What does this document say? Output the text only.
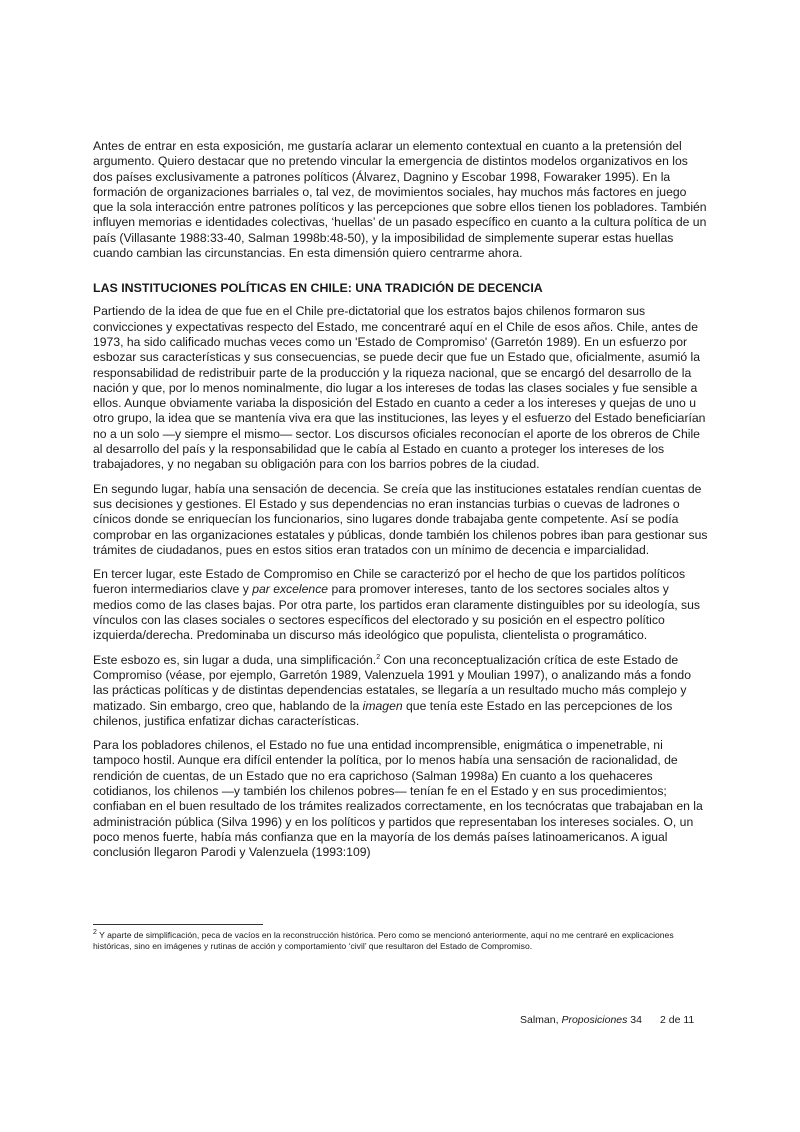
Antes de entrar en esta exposición, me gustaría aclarar un elemento contextual en cuanto a la pretensión del argumento. Quiero destacar que no pretendo vincular la emergencia de distintos modelos organizativos en los dos países exclusivamente a patrones políticos (Álvarez, Dagnino y Escobar 1998, Fowaraker 1995). En la formación de organizaciones barriales o, tal vez, de movimientos sociales, hay muchos más factores en juego que la sola interacción entre patrones políticos y las percepciones que sobre ellos tienen los pobladores. También influyen memorias e identidades colectivas, ‘huellas’ de un pasado específico en cuanto a la cultura política de un país (Villasante 1988:33-40, Salman 1998b:48-50), y la imposibilidad de simplemente superar estas huellas cuando cambian las circunstancias. En esta dimensión quiero centrarme ahora.

LAS INSTITUCIONES POLÍTICAS EN CHILE: UNA TRADICIÓN DE DECENCIA

Partiendo de la idea de que fue en el Chile pre-dictatorial que los estratos bajos chilenos formaron sus convicciones y expectativas respecto del Estado, me concentraré aquí en el Chile de esos años. Chile, antes de 1973, ha sido calificado muchas veces como un 'Estado de Compromiso' (Garretón 1989). En un esfuerzo por esbozar sus características y sus consecuencias, se puede decir que fue un Estado que, oficialmente, asumió la responsabilidad de redistribuir parte de la producción y la riqueza nacional, que se encargó del desarrollo de la nación y que, por lo menos nominalmente, dio lugar a los intereses de todas las clases sociales y fue sensible a ellos. Aunque obviamente variaba la disposición del Estado en cuanto a ceder a los intereses y quejas de uno u otro grupo, la idea que se mantenía viva era que las instituciones, las leyes y el esfuerzo del Estado beneficiarían no a un solo —y siempre el mismo— sector. Los discursos oficiales reconocían el aporte de los obreros de Chile al desarrollo del país y la responsabilidad que le cabía al Estado en cuanto a proteger los intereses de los trabajadores, y no negaban su obligación para con los barrios pobres de la ciudad.

En segundo lugar, había una sensación de decencia. Se creía que las instituciones estatales rendían cuentas de sus decisiones y gestiones. El Estado y sus dependencias no eran instancias turbias o cuevas de ladrones o cínicos donde se enriquecían los funcionarios, sino lugares donde trabajaba gente competente. Así se podía comprobar en las organizaciones estatales y públicas, donde también los chilenos pobres iban para gestionar sus trámites de ciudadanos, pues en estos sitios eran tratados con un mínimo de decencia e imparcialidad.

En tercer lugar, este Estado de Compromiso en Chile se caracterizó por el hecho de que los partidos políticos fueron intermediarios clave y par excelence para promover intereses, tanto de los sectores sociales altos y medios como de las clases bajas. Por otra parte, los partidos eran claramente distinguibles por su ideología, sus vínculos con las clases sociales o sectores específicos del electorado y su posición en el espectro político izquierda/derecha. Predominaba un discurso más ideológico que populista, clientelista o programático.

Este esbozo es, sin lugar a duda, una simplificación.$^2$ Con una reconceptualización crítica de este Estado de Compromiso (véase, por ejemplo, Garretón 1989, Valenzuela 1991 y Moulian 1997), o analizando más a fondo las prácticas políticas y de distintas dependencias estatales, se llegaría a un resultado mucho más complejo y matizado. Sin embargo, creo que, hablando de la imagen que tenía este Estado en las percepciones de los chilenos, justifica enfatizar dichas características.

Para los pobladores chilenos, el Estado no fue una entidad incomprensible, enigmática o impenetrable, ni tampoco hostil. Aunque era difícil entender la política, por lo menos había una sensación de racionalidad, de rendición de cuentas, de un Estado que no era caprichoso (Salman 1998a) En cuanto a los quehaceres cotidianos, los chilenos —y también los chilenos pobres— tenían fe en el Estado y en sus procedimientos; confiaban en el buen resultado de los trámites realizados correctamente, en los tecnócratas que trabajaban en la administración pública (Silva 1996) y en los políticos y partidos que representaban los intereses sociales. O, un poco menos fuerte, había más confianza que en la mayoría de los demás países latinoamericanos. A igual conclusión llegaron Parodi y Valenzuela (1993:109)

$^2$ Y aparte de simplificación, peca de vacíos en la reconstrucción histórica. Pero como se mencionó anteriormente, aquí no me centraré en explicaciones históricas, sino en imágenes y rutinas de acción y comportamiento ‘civil’ que resultaron del Estado de Compromiso.

Salman, Proposiciones 34 2 de 11
